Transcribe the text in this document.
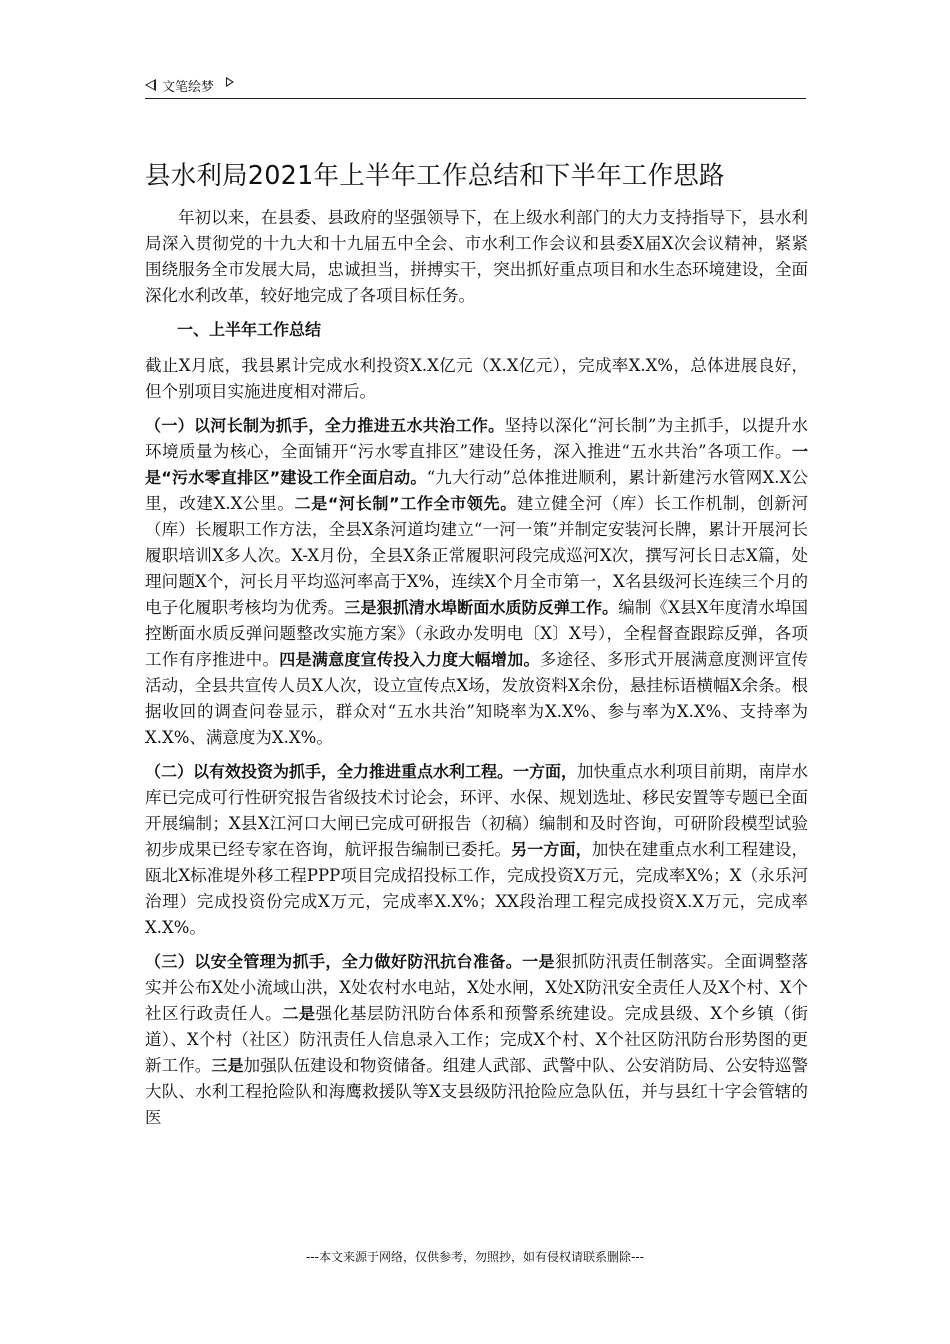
文笔绘梦
县水利局2021年上半年工作总结和下半年工作思路

年初以来，在县委、县政府的坚强领导下，在上级水利部门的大力支持指导下，县水利局深入贯彻党的十九大和十九届五中全会、市水利工作会议和县委X届X次会议精神，紧紧围绕服务全市发展大局，忠诚担当，拼搏实干，突出抓好重点项目和水生态环境建设，全面深化水利改革，较好地完成了各项目标任务。

一、上半年工作总结

截止X月底，我县累计完成水利投资X.X亿元（X.X亿元），完成率X.X%，总体进展良好，但个别项目实施进度相对滞后。

（一）以河长制为抓手，全力推进五水共治工作。坚持以深化“河长制”为主抓手，以提升水环境质量为核心，全面铺开“污水零直排区”建设任务，深入推进“五水共治”各项工作。一是“污水零直排区”建设工作全面启动。“九大行动”总体推进顺利，累计新建污水管网X.X公里，改建X.X公里。二是“河长制”工作全市领先。建立健全河（库）长工作机制，创新河（库）长履职工作方法，全县X条河道均建立“一河一策”并制定安装河长牌，累计开展河长履职培训X多人次。X-X月份，全县X条正常履职河段完成巡河X次，撰写河长日志X篇，处理问题X个，河长月平均巡河率高于X%，连续X个月全市第一，X名县级河长连续三个月的电子化履职考核均为优秀。三是狠抓清水埠断面水质防反弹工作。编制《X县X年度清水埠国控断面水质反弹问题整改实施方案》（永政办发明电〔X〕X号），全程督查跟踪反弹，各项工作有序推进中。四是满意度宣传投入力度大幅增加。多途径、多形式开展满意度测评宣传活动，全县共宣传人员X人次，设立宣传点X场，发放资料X余份，悬挂标语横幅X余条。根据收回的调查问卷显示，群众对“五水共治”知晓率为X.X%、参与率为X.X%、支持率为X.X%、满意度为X.X%。

（二）以有效投资为抓手，全力推进重点水利工程。一方面，加快重点水利项目前期，南岸水库已完成可行性研究报告省级技术讨论会，环评、水保、规划选址、移民安置等专题已全面开展编制；X县X江河口大闸已完成可研报告（初稿）编制和及时咨询，可研阶段模型试验初步成果已经专家在咨询，航评报告编制已委托。另一方面，加快在建重点水利工程建设，瓯北X标准堤外移工程PPP项目完成招投标工作，完成投资X万元，完成率X%；X（永乐河治理）完成投资份完成X万元，完成率X.X%；XX段治理工程完成投资X.X万元，完成率X.X%。

（三）以安全管理为抓手，全力做好防汛抗台准备。一是狠抓防汛责任制落实。全面调整落实并公布X处小流域山洪，X处农村水电站，X处水闸，X处X防汛安全责任人及X个村、X个社区行政责任人。二是强化基层防汛防台体系和预警系统建设。完成县级、X个乡镇（街道）、X个村（社区）防汛责任人信息录入工作；完成X个村、X个社区防汛防台形势图的更新工作。三是加强队伍建设和物资储备。组建人武部、武警中队、公安消防局、公安特巡警大队、水利工程抢险队和海鹰救援队等X支县级防汛抢险应急队伍，并与县红十字会管辖的医

---本文来源于网络，仅供参考，勿照抄，如有侵权请联系删除---
